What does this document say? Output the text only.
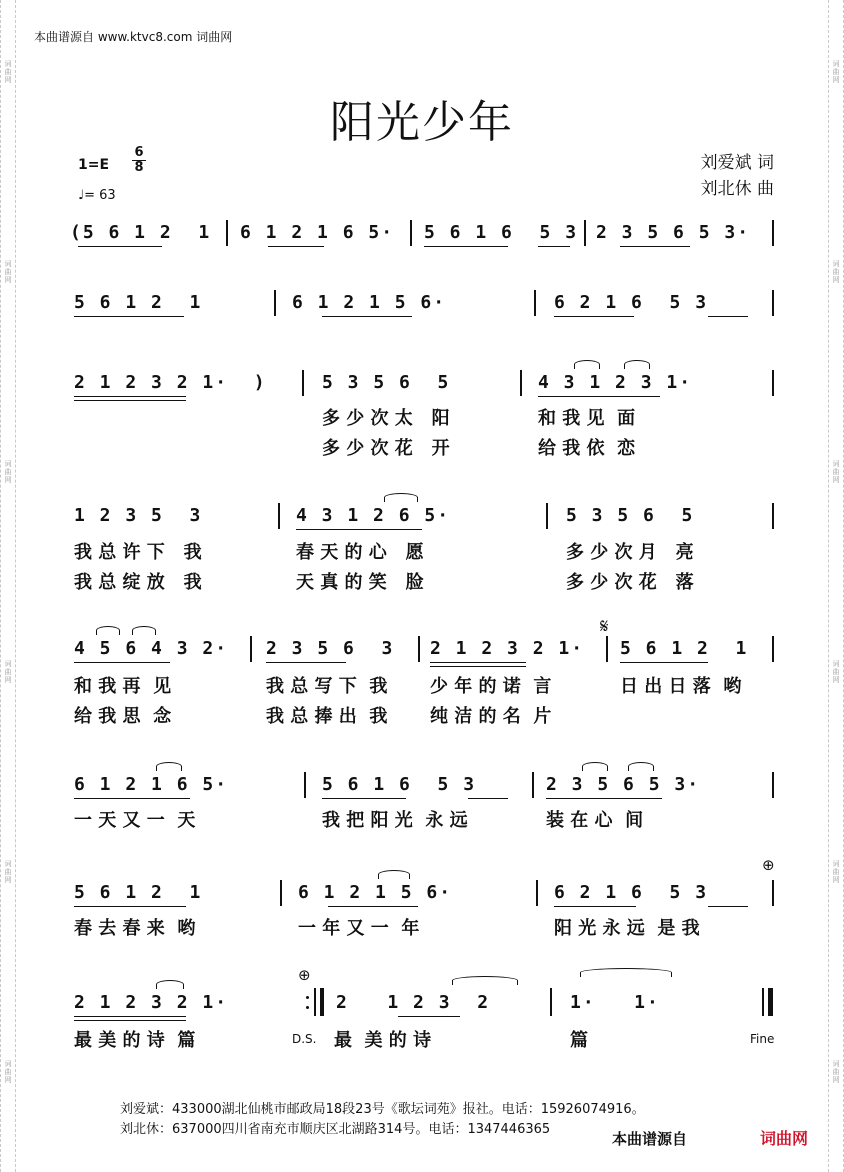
词曲网
词曲网
词曲网
词曲网
词曲网
词曲网
词曲网
词曲网
词曲网
词曲网
词曲网
词曲网
本曲谱源自 www.ktvc8.com 词曲网
阳光少年
1=E
6
8
♩= 63
刘爱斌 词
刘北休 曲
(5 6 1 2  1 6 1 2 1 6 5· 5 6 1 6  5 3 2 3 5 6 5 3·
5 6 1 2  1	6 1 2 1 5 6·	6 2 1 6  5 3
2 1 2 3 2 1·  )	5 3 5 6  5	4 3 1 2 3 1·
多 少 次 太   阳	和 我 见  面
多 少 次 花   开	给 我 依  恋
1 2 3 5  3	4 3 1 2 6 5·	5 3 5 6  5
我 总 许 下   我	春 天 的 心   愿	多 少 次 月   亮
我 总 绽 放   我	天 真 的 笑   脸	多 少 次 花   落
4 5 6 4 3 2· 2 3 5 6  3 2 1 2 3 2 1· 5 6 1 2  1
𝄋
和 我 再  见	我 总 写 下  我 少 年 的 诺  言	日 出 日 落  哟
给 我 思  念	我 总 捧 出  我 纯 洁 的 名  片
6 1 2 1 6 5·	5 6 1 6  5 3	2 3 5 6 5 3·
一 天 又 一  天	我 把 阳 光  永 远	装 在 心  间
5 6 1 2  1	6 1 2 1 5 6·	6 2 1 6  5 3
⊕
春 去 春 来  哟	一 年 又 一  年	阳 光 永 远  是 我
2 1 2 3 2 1·
⊕
2   1 2 3  2	1·   1·
最 美 的 诗  篇	D.S. 最  美 的 诗	篇	Fine
刘爱斌：433000湖北仙桃市邮政局18段23号《歌坛词苑》报社。电话：15926074916。
刘北休：637000四川省南充市顺庆区北湖路314号。电话：1347446365
本曲谱源自	词曲网
